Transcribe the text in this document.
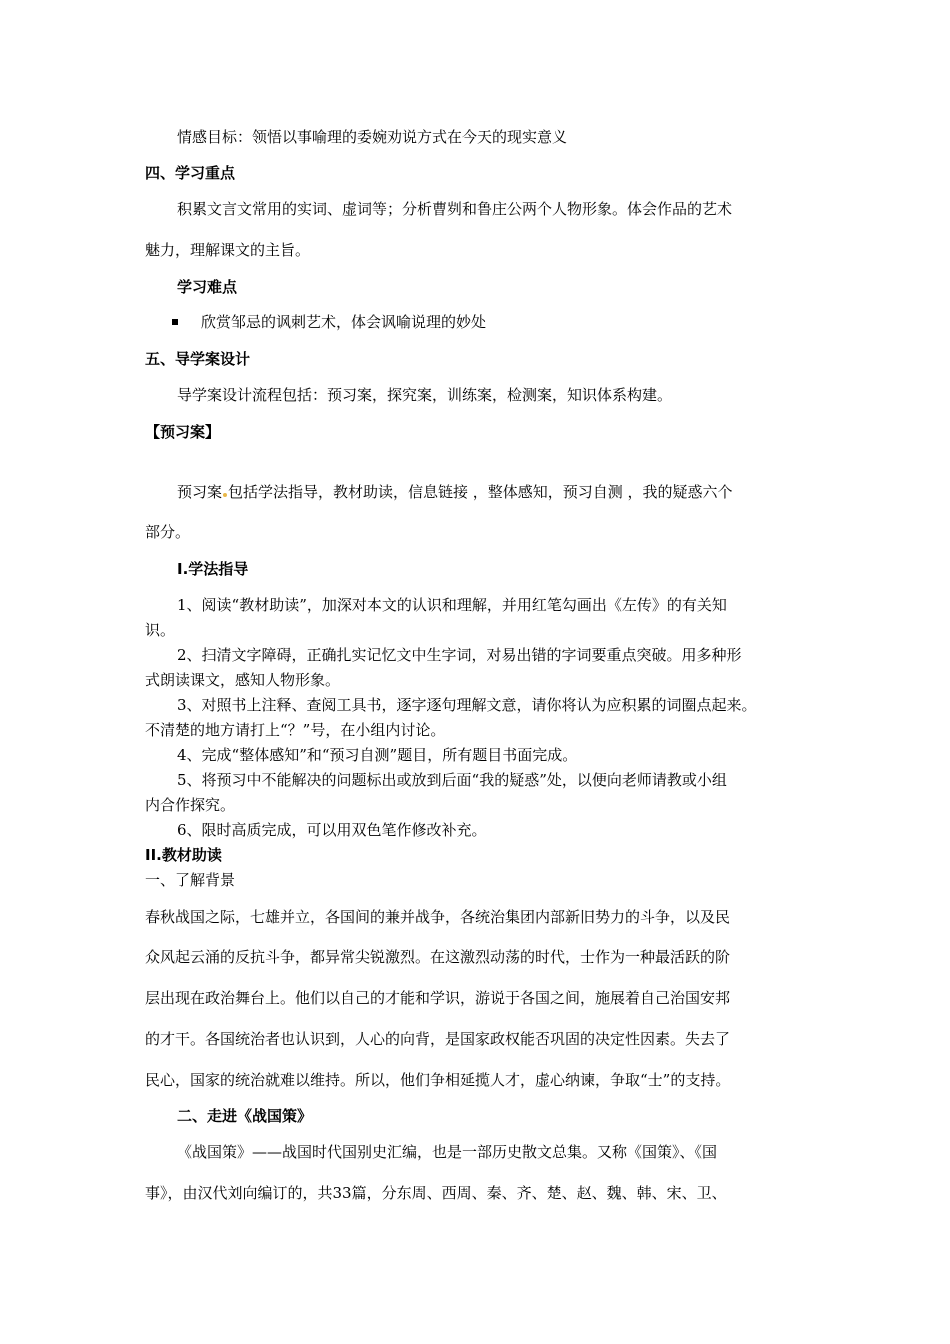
情感目标：领悟以事喻理的委婉劝说方式在今天的现实意义
四、学习重点
积累文言文常用的实词、虚词等；分析曹刿和鲁庄公两个人物形象。体会作品的艺术
魅力，理解课文的主旨。
学习难点
欣赏邹忌的讽刺艺术，体会讽喻说理的妙处
五、导学案设计
导学案设计流程包括：预习案，探究案，训练案，检测案，知识体系构建。
【预习案】
预习案 包括学法指导，教材助读，信息链接 ，整体感知，预习自测 ，我的疑惑六个
部分。
I.学法指导
1、阅读“教材助读”，加深对本文的认识和理解，并用红笔勾画出《左传》的有关知
识。
2、扫清文字障碍，正确扎实记忆文中生字词，对易出错的字词要重点突破。用多种形
式朗读课文，感知人物形象。
3、对照书上注释、查阅工具书，逐字逐句理解文意，请你将认为应积累的词圈点起来。
不清楚的地方请打上“？”号，在小组内讨论。
4、完成“整体感知”和“预习自测”题目，所有题目书面完成。
5、将预习中不能解决的问题标出或放到后面“我的疑惑”处，以便向老师请教或小组
内合作探究。
6、限时高质完成，可以用双色笔作修改补充。
II.教材助读
一、了解背景
春秋战国之际，七雄并立，各国间的兼并战争，各统治集团内部新旧势力的斗争，以及民
众风起云涌的反抗斗争，都异常尖锐激烈。在这激烈动荡的时代，士作为一种最活跃的阶
层出现在政治舞台上。他们以自己的才能和学识，游说于各国之间，施展着自己治国安邦
的才干。各国统治者也认识到，人心的向背，是国家政权能否巩固的决定性因素。失去了
民心，国家的统治就难以维持。所以，他们争相延揽人才，虚心纳谏，争取“士”的支持。
二、走进《战国策》
《战国策》——战国时代国别史汇编，也是一部历史散文总集。又称《国策》、《国
事》，由汉代刘向编订的，共33篇，分东周、西周、秦、齐、楚、赵、魏、韩、宋、卫、
